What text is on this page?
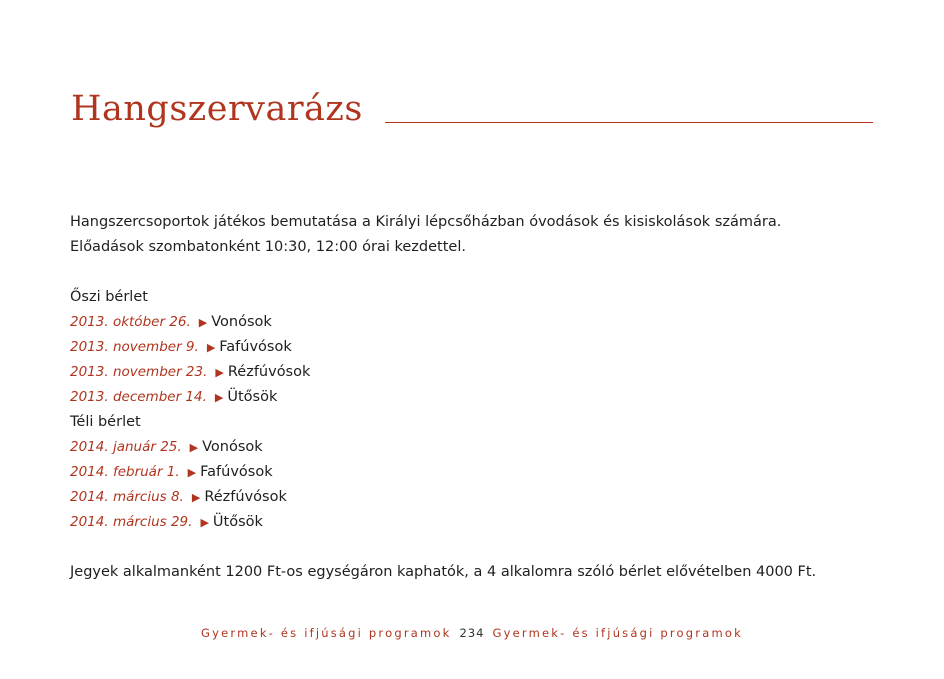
Hangszervarázs
Hangszercsoportok játékos bemutatása a Királyi lépcsőházban óvodások és kisiskolások számára.
Előadások szombatonként 10:30, 12:00 órai kezdettel.
Őszi bérlet
2013. október 26. ▶ Vonósok
2013. november 9. ▶ Fafúvósok
2013. november 23. ▶ Rézfúvósok
2013. december 14. ▶ Ütősök
Téli bérlet
2014. január 25. ▶ Vonósok
2014. február 1. ▶ Fafúvósok
2014. március 8. ▶ Rézfúvósok
2014. március 29. ▶ Ütősök
Jegyek alkalmanként 1200 Ft-os egységáron kaphatók, a 4 alkalomra szóló bérlet elővételben 4000 Ft.
Gyermek- és ifjúsági programok 234 Gyermek- és ifjúsági programok
